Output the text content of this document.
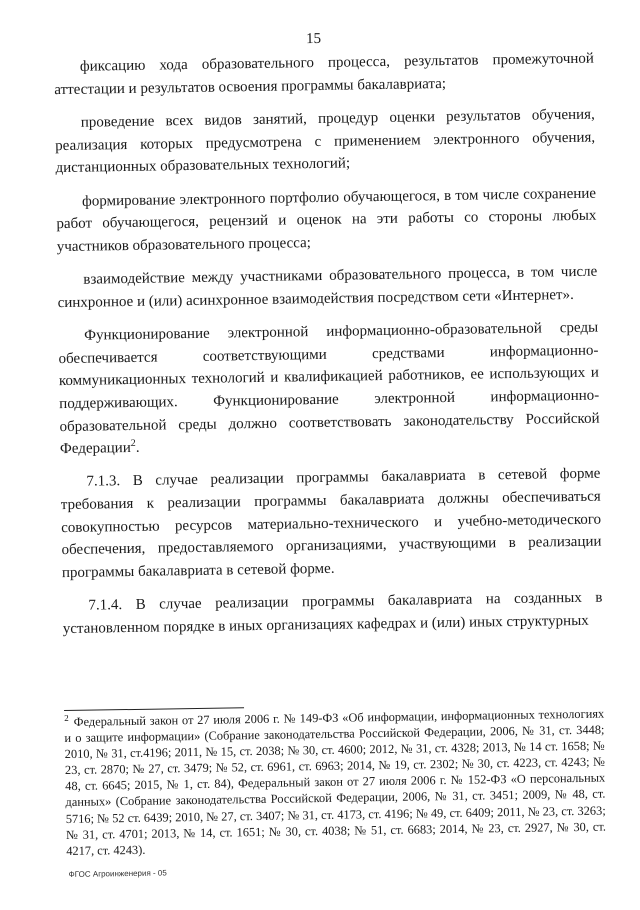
15

фиксацию хода образовательного процесса, результатов промежуточной аттестации и результатов освоения программы бакалавриата;

проведение всех видов занятий, процедур оценки результатов обучения, реализация которых предусмотрена с применением электронного обучения, дистанционных образовательных технологий;

формирование электронного портфолио обучающегося, в том числе сохранение работ обучающегося, рецензий и оценок на эти работы со стороны любых участников образовательного процесса;

взаимодействие между участниками образовательного процесса, в том числе синхронное и (или) асинхронное взаимодействия посредством сети «Интернет».

Функционирование электронной информационно-образовательной среды обеспечивается соответствующими средствами информационно-коммуникационных технологий и квалификацией работников, ее использующих и поддерживающих. Функционирование электронной информационно-образовательной среды должно соответствовать законодательству Российской Федерации$^2$.

7.1.3. В случае реализации программы бакалавриата в сетевой форме требования к реализации программы бакалавриата должны обеспечиваться совокупностью ресурсов материально-технического и учебно-методического обеспечения, предоставляемого организациями, участвующими в реализации программы бакалавриата в сетевой форме.

7.1.4. В случае реализации программы бакалавриата на созданных в установленном порядке в иных организациях кафедрах и (или) иных структурных

$^2$ Федеральный закон от 27 июля 2006 г. № 149-ФЗ «Об информации, информационных технологиях и о защите информации» (Собрание законодательства Российской Федерации, 2006, № 31, ст. 3448; 2010, № 31, ст.4196; 2011, № 15, ст. 2038; № 30, ст. 4600; 2012, № 31, ст. 4328; 2013, № 14 ст. 1658; № 23, ст. 2870; № 27, ст. 3479; № 52, ст. 6961, ст. 6963; 2014, № 19, ст. 2302; № 30, ст. 4223, ст. 4243; № 48, ст. 6645; 2015, № 1, ст. 84), Федеральный закон от 27 июля 2006 г. № 152-ФЗ «О персональных данных» (Собрание законодательства Российской Федерации, 2006, № 31, ст. 3451; 2009, № 48, ст. 5716; № 52 ст. 6439; 2010, № 27, ст. 3407; № 31, ст. 4173, ст. 4196; № 49, ст. 6409; 2011, № 23, ст. 3263; № 31, ст. 4701; 2013, № 14, ст. 1651; № 30, ст. 4038; № 51, ст. 6683; 2014, № 23, ст. 2927, № 30, ст. 4217, ст. 4243).
ФГОС Агроинженерия - 05
